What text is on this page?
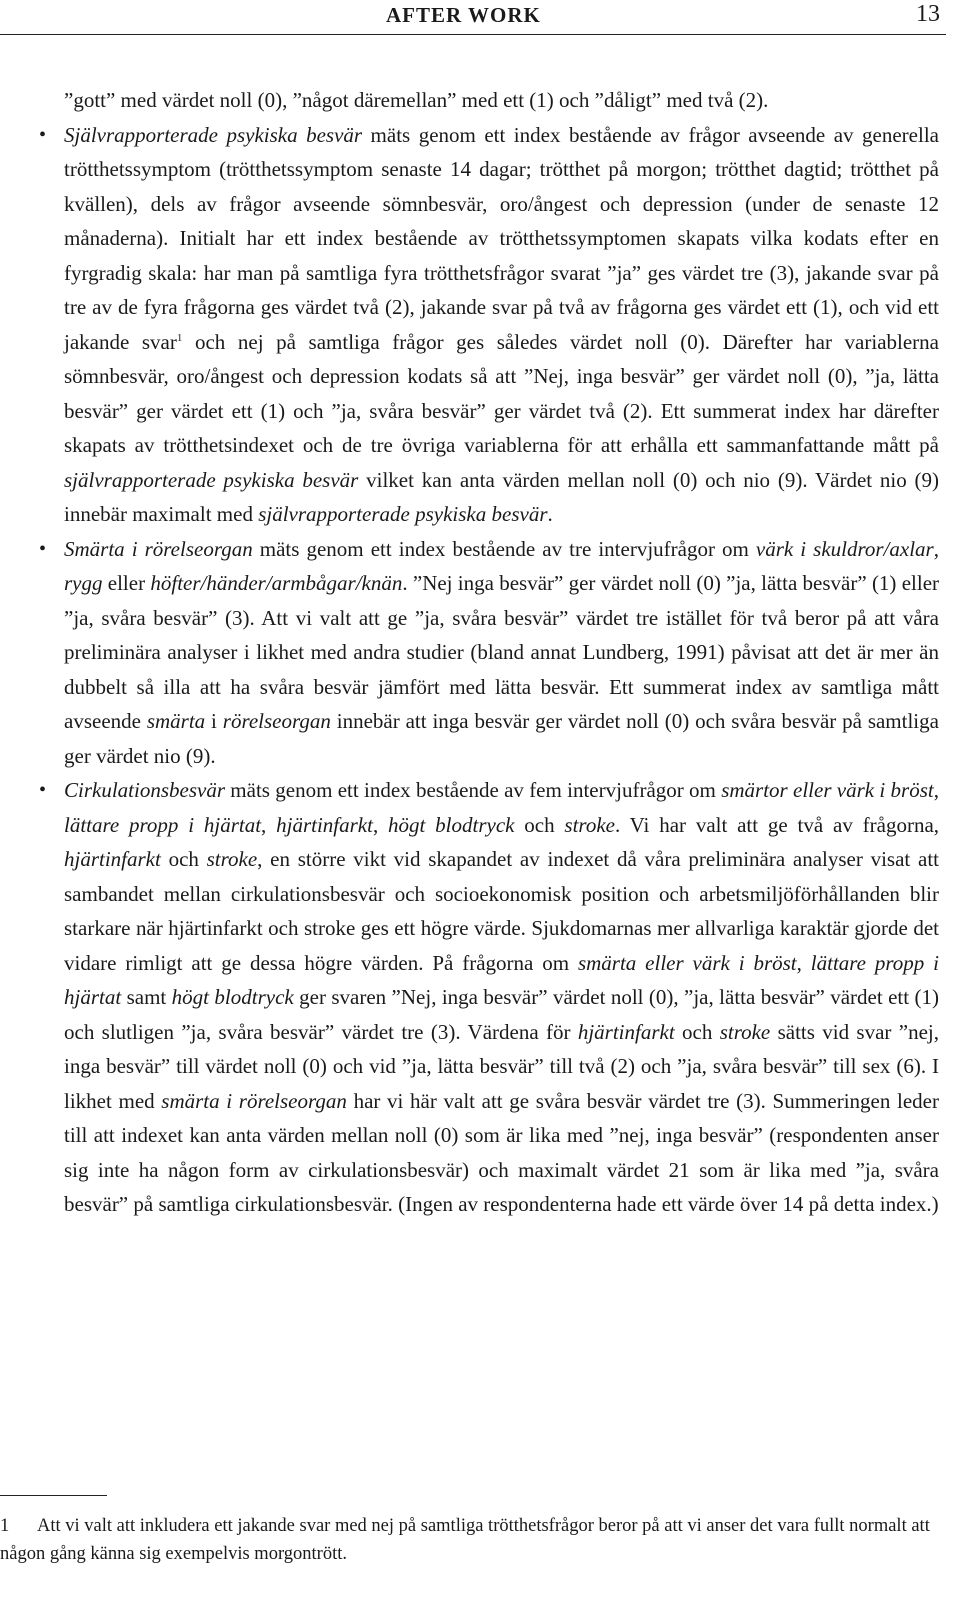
AFTER WORK	13

”gott” med värdet noll (0), ”något däremellan” med ett (1) och ”dåligt” med två (2).

• Självrapporterade psykiska besvär mäts genom ett index bestående av frågor avseende av generella trötthetssymptom (trötthetssymptom senaste 14 dagar; trötthet på morgon; trötthet dagtid; trötthet på kvällen), dels av frågor avseende sömnbesvär, oro/ångest och depression (under de senaste 12 månaderna). Initialt har ett index bestående av trötthetssymptomen skapats vilka kodats efter en fyrgradig skala: har man på samtliga fyra trötthetsfrågor svarat ”ja” ges värdet tre (3), jakande svar på tre av de fyra frågorna ges värdet två (2), jakande svar på två av frågorna ges värdet ett (1), och vid ett jakande svar$^1$ och nej på samtliga frågor ges således värdet noll (0). Därefter har variablerna sömnbesvär, oro/ångest och depression kodats så att ”Nej, inga besvär” ger värdet noll (0), ”ja, lätta besvär” ger värdet ett (1) och ”ja, svåra besvär” ger värdet två (2). Ett summerat index har därefter skapats av trötthetsindexet och de tre övriga variablerna för att erhålla ett sammanfattande mått på självrapporterade psykiska besvär vilket kan anta värden mellan noll (0) och nio (9). Värdet nio (9) innebär maximalt med självrapporterade psykiska besvär.

• Smärta i rörelseorgan mäts genom ett index bestående av tre intervjufrågor om värk i skuldror/axlar, rygg eller höfter/händer/armbågar/knän. ”Nej inga besvär” ger värdet noll (0) ”ja, lätta besvär” (1) eller ”ja, svåra besvär” (3). Att vi valt att ge ”ja, svåra besvär” värdet tre istället för två beror på att våra preliminära analyser i likhet med andra studier (bland annat Lundberg, 1991) påvisat att det är mer än dubbelt så illa att ha svåra besvär jämfört med lätta besvär. Ett summerat index av samtliga mått avseende smärta i rörelseorgan innebär att inga besvär ger värdet noll (0) och svåra besvär på samtliga ger värdet nio (9).

• Cirkulationsbesvär mäts genom ett index bestående av fem intervjufrågor om smärtor eller värk i bröst, lättare propp i hjärtat, hjärtinfarkt, högt blodtryck och stroke. Vi har valt att ge två av frågorna, hjärtinfarkt och stroke, en större vikt vid skapandet av indexet då våra preliminära analyser visat att sambandet mellan cirkulationsbesvär och socioekonomisk position och arbetsmiljöförhållanden blir starkare när hjärtinfarkt och stroke ges ett högre värde. Sjukdomarnas mer allvarliga karaktär gjorde det vidare rimligt att ge dessa högre värden. På frågorna om smärta eller värk i bröst, lättare propp i hjärtat samt högt blodtryck ger svaren ”Nej, inga besvär” värdet noll (0), ”ja, lätta besvär” värdet ett (1) och slutligen ”ja, svåra besvär” värdet tre (3). Värdena för hjärtinfarkt och stroke sätts vid svar ”nej, inga besvär” till värdet noll (0) och vid ”ja, lätta besvär” till två (2) och ”ja, svåra besvär” till sex (6). I likhet med smärta i rörelseorgan har vi här valt att ge svåra besvär värdet tre (3). Summeringen leder till att indexet kan anta värden mellan noll (0) som är lika med ”nej, inga besvär” (respondenten anser sig inte ha någon form av cirkulationsbesvär) och maximalt värdet 21 som är lika med ”ja, svåra besvär” på samtliga cirkulationsbesvär. (Ingen av respondenterna hade ett värde över 14 på detta index.)

1 Att vi valt att inkludera ett jakande svar med nej på samtliga trötthetsfrågor beror på att vi anser det vara fullt normalt att någon gång känna sig exempelvis morgontrött.
